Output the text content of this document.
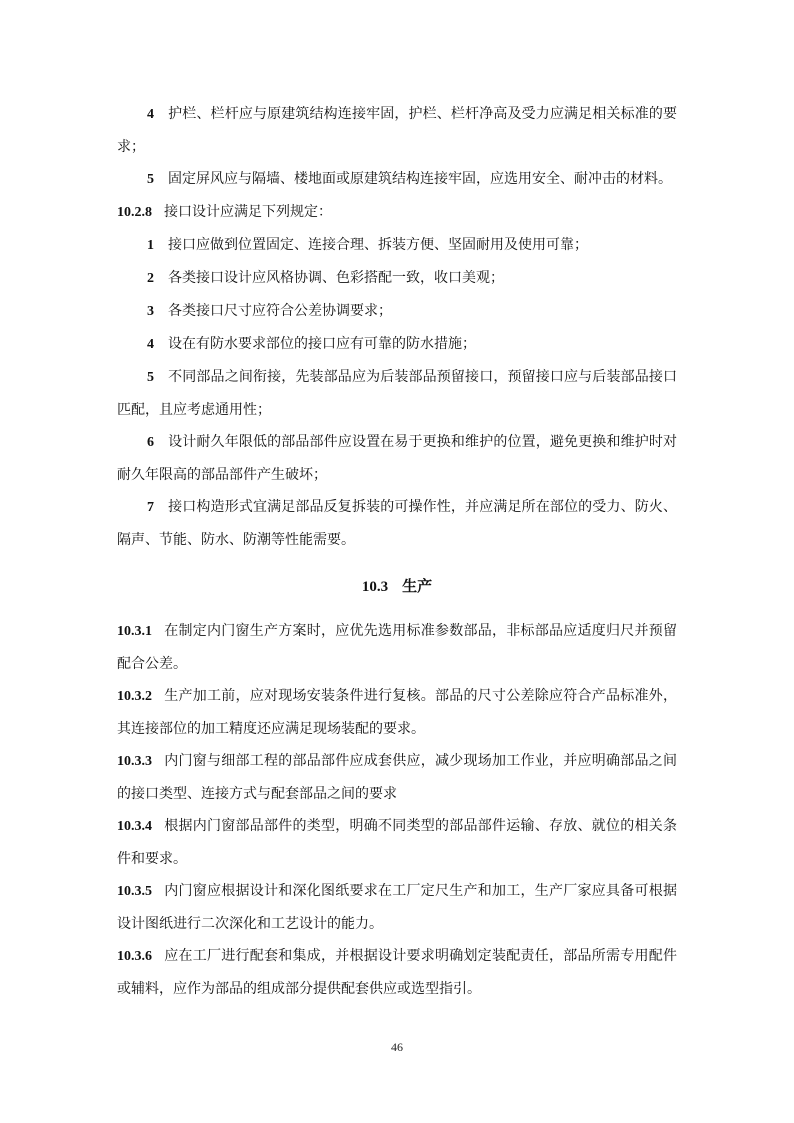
4 护栏、栏杆应与原建筑结构连接牢固，护栏、栏杆净高及受力应满足相关标准的要求；

5 固定屏风应与隔墙、楼地面或原建筑结构连接牢固，应选用安全、耐冲击的材料。

10.2.8 接口设计应满足下列规定：

1 接口应做到位置固定、连接合理、拆装方便、坚固耐用及使用可靠；

2 各类接口设计应风格协调、色彩搭配一致，收口美观；

3 各类接口尺寸应符合公差协调要求；

4 设在有防水要求部位的接口应有可靠的防水措施；

5 不同部品之间衔接，先装部品应为后装部品预留接口，预留接口应与后装部品接口匹配，且应考虑通用性；

6 设计耐久年限低的部品部件应设置在易于更换和维护的位置，避免更换和维护时对耐久年限高的部品部件产生破坏；

7 接口构造形式宜满足部品反复拆装的可操作性，并应满足所在部位的受力、防火、隔声、节能、防水、防潮等性能需要。

10.3 生产

10.3.1 在制定内门窗生产方案时，应优先选用标准参数部品，非标部品应适度归尺并预留配合公差。

10.3.2 生产加工前，应对现场安装条件进行复核。部品的尺寸公差除应符合产品标准外，其连接部位的加工精度还应满足现场装配的要求。

10.3.3 内门窗与细部工程的部品部件应成套供应，减少现场加工作业，并应明确部品之间的接口类型、连接方式与配套部品之间的要求

10.3.4 根据内门窗部品部件的类型，明确不同类型的部品部件运输、存放、就位的相关条件和要求。

10.3.5 内门窗应根据设计和深化图纸要求在工厂定尺生产和加工，生产厂家应具备可根据设计图纸进行二次深化和工艺设计的能力。

10.3.6 应在工厂进行配套和集成，并根据设计要求明确划定装配责任，部品所需专用配件或辅料，应作为部品的组成部分提供配套供应或选型指引。

46
